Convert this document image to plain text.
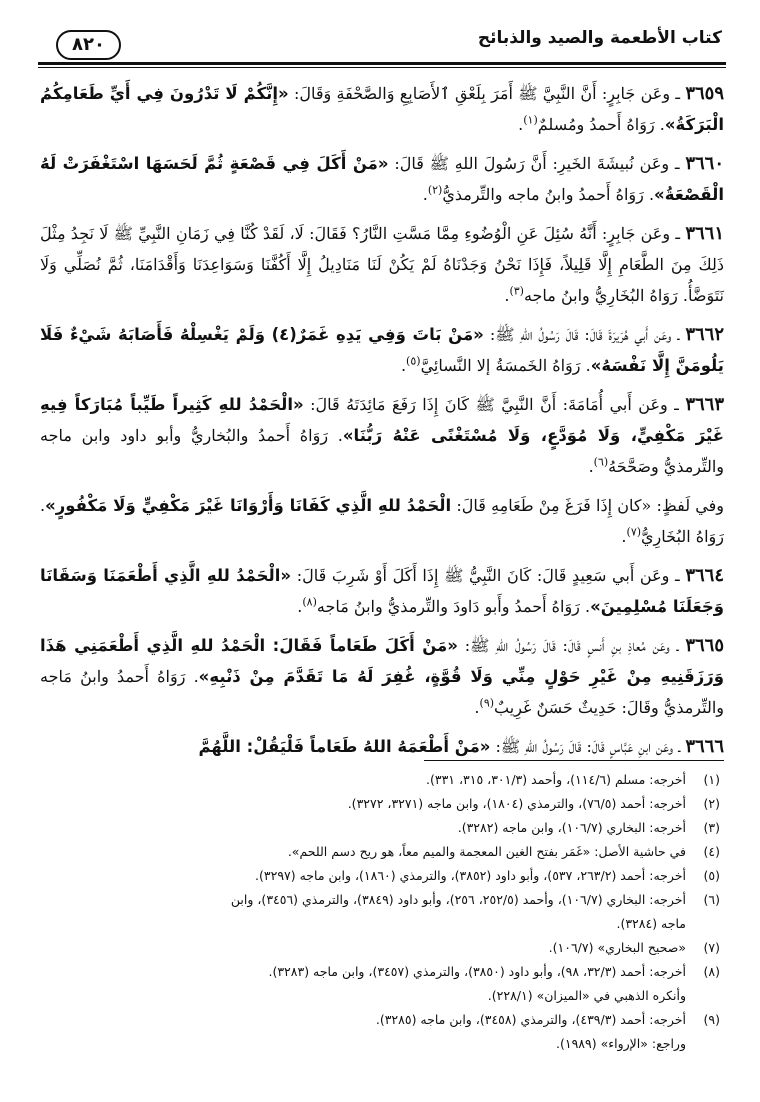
كتاب الأطعمة والصيد والذبائح
٨٢٠

٣٦٥٩ ـ وعَن جَابِرٍ: أَنَّ النَّبِيَّ ﷺ أَمَرَ بِلَعْقِ ٱلأَصَابِعِ وَالصَّحْفَةِ وَقَالَ: «إِنَّكُمْ لَا تَدْرُونَ فِي أَيِّ طَعَامِكُمُ الْبَرَكَةُ». رَوَاهُ أَحمدُ ومُسلمٌ$^{(١)}$.

٣٦٦٠ ـ وعَن نُبيشَةَ الخَيرِ: أَنَّ رَسُولَ اللهِ ﷺ قَالَ: «مَنْ أَكَلَ فِي قَصْعَةٍ ثُمَّ لَحَسَهَا اسْتَغْفَرَتْ لَهُ الْقَصْعَةُ». رَوَاهُ أَحمدُ وابنُ ماجه والتِّرمذيُّ$^{(٢)}$.

٣٦٦١ ـ وعَن جَابِرٍ: أَنَّهُ سُئِلَ عَنِ الْوُضُوءِ مِمَّا مَسَّتِ النَّارُ؟ فَقَالَ: لَا، لَقَدْ كُنَّا فِي زَمَانِ النَّبِيِّ ﷺ لَا نَجِدُ مِثْلَ ذَلِكَ مِنَ الطَّعَامِ إِلَّا قَلِيلاً، فَإِذَا نَحْنُ وَجَدْنَاهُ لَمْ يَكُنْ لَنَا مَنَادِيلُ إِلَّا أَكُفَّنَا وَسَوَاعِدَنَا وَأَقْدَامَنَا، ثُمَّ نُصَلِّي وَلَا نَتَوَضَّأُ. رَوَاهُ البُخَارِيُّ وابنُ ماجه$^{(٣)}$.

٣٦٦٢ ـ وعَن أَبي هُرَيرَةَ قَالَ: قَالَ رَسُولُ اللهِ ﷺ: «مَنْ بَاتَ وَفِي يَدِهِ غَمَرٌ(٤) وَلَمْ يَغْسِلْهُ فَأَصَابَهُ شَيْءٌ فَلَا يَلُومَنَّ إِلَّا نَفْسَهُ». رَوَاهُ الخَمسَةُ إلا النَّسائِيَّ$^{(٥)}$.

٣٦٦٣ ـ وعَن أَبي أُمَامَةَ: أَنَّ النَّبِيَّ ﷺ كَانَ إِذَا رَفَعَ مَائِدَتَهُ قَالَ: «الْحَمْدُ للهِ كَثِيراً طَيِّباً مُبَارَكاً فِيهِ غَيْرَ مَكْفِيٍّ، وَلَا مُوَدَّعٍ، وَلَا مُسْتَغْنًى عَنْهُ رَبُّنَا». رَوَاهُ أَحمدُ والبُخاريُّ وأبو داود وابن ماجه والتِّرمذيُّ وصَحَّحَهُ$^{(٦)}$.

وفي لَفظٍ: «كان إِذَا فَرَغَ مِنْ طَعَامِهِ قَالَ: الْحَمْدُ للهِ الَّذِي كَفَانَا وَأَرْوَانَا غَيْرَ مَكْفِيٍّ وَلَا مَكْفُورٍ». رَوَاهُ البُخَارِيُّ$^{(٧)}$.

٣٦٦٤ ـ وعَن أَبي سَعِيدٍ قَالَ: كَانَ النَّبِيُّ ﷺ إِذَا أَكَلَ أَوْ شَرِبَ قَالَ: «الْحَمْدُ للهِ الَّذِي أَطْعَمَنَا وَسَقَانَا وَجَعَلَنَا مُسْلِمِينَ». رَوَاهُ أَحمدُ وأَبو دَاودَ والتِّرمذيُّ وابنُ مَاجه$^{(٨)}$.

٣٦٦٥ ـ وعَن مُعاذِ بنِ أَنسٍ قَالَ: قَالَ رَسُولُ اللهِ ﷺ: «مَنْ أَكَلَ طَعَاماً فَقَالَ: الْحَمْدُ للهِ الَّذِي أَطْعَمَنِي هَذَا وَرَزَقَنِيهِ مِنْ غَيْرِ حَوْلٍ مِنِّي وَلَا قُوَّةٍ، غُفِرَ لَهُ مَا تَقَدَّمَ مِنْ ذَنْبِهِ». رَوَاهُ أَحمدُ وابنُ مَاجه والتِّرمذيُّ وقَالَ: حَدِيثٌ حَسَنٌ غَرِيبٌ$^{(٩)}$.

٣٦٦٦ ـ وعَن ابنِ عَبَّاسٍ قَالَ: قَالَ رَسُولُ اللهِ ﷺ: «مَنْ أَطْعَمَهُ اللهُ طَعَاماً فَلْيَقُلْ: اللَّهُمَّ

(١)
أخرجه: مسلم (١١٤/٦)، وأحمد (٣٠١/٣، ٣١٥، ٣٣١).
(٢)
أخرجه: أحمد (٧٦/٥)، والترمذي (١٨٠٤)، وابن ماجه (٣٢٧١، ٣٢٧٢).
(٣)
أخرجه: البخاري (١٠٦/٧)، وابن ماجه (٣٢٨٢).
(٤)
في حاشية الأصل: «غَمَر بفتح الغين المعجمة والميم معاً، هو ريح دسم اللحم».
(٥)
أخرجه: أحمد (٢٦٣/٢، ٥٣٧)، وأبو داود (٣٨٥٢)، والترمذي (١٨٦٠)، وابن ماجه (٣٢٩٧).
(٦)
أخرجه: البخاري (١٠٦/٧)، وأحمد (٢٥٢/٥، ٢٥٦)، وأبو داود (٣٨٤٩)، والترمذي (٣٤٥٦)، وابن
ماجه (٣٢٨٤).
(٧)
«صحيح البخاري» (١٠٦/٧).
(٨)
أخرجه: أحمد (٣٢/٣، ٩٨)، وأبو داود (٣٨٥٠)، والترمذي (٣٤٥٧)، وابن ماجه (٣٢٨٣).
وأنكره الذهبي في «الميزان» (٢٢٨/١).
(٩)
أخرجه: أحمد (٤٣٩/٣)، والترمذي (٣٤٥٨)، وابن ماجه (٣٢٨٥).
وراجع: «الإرواء» (١٩٨٩).
